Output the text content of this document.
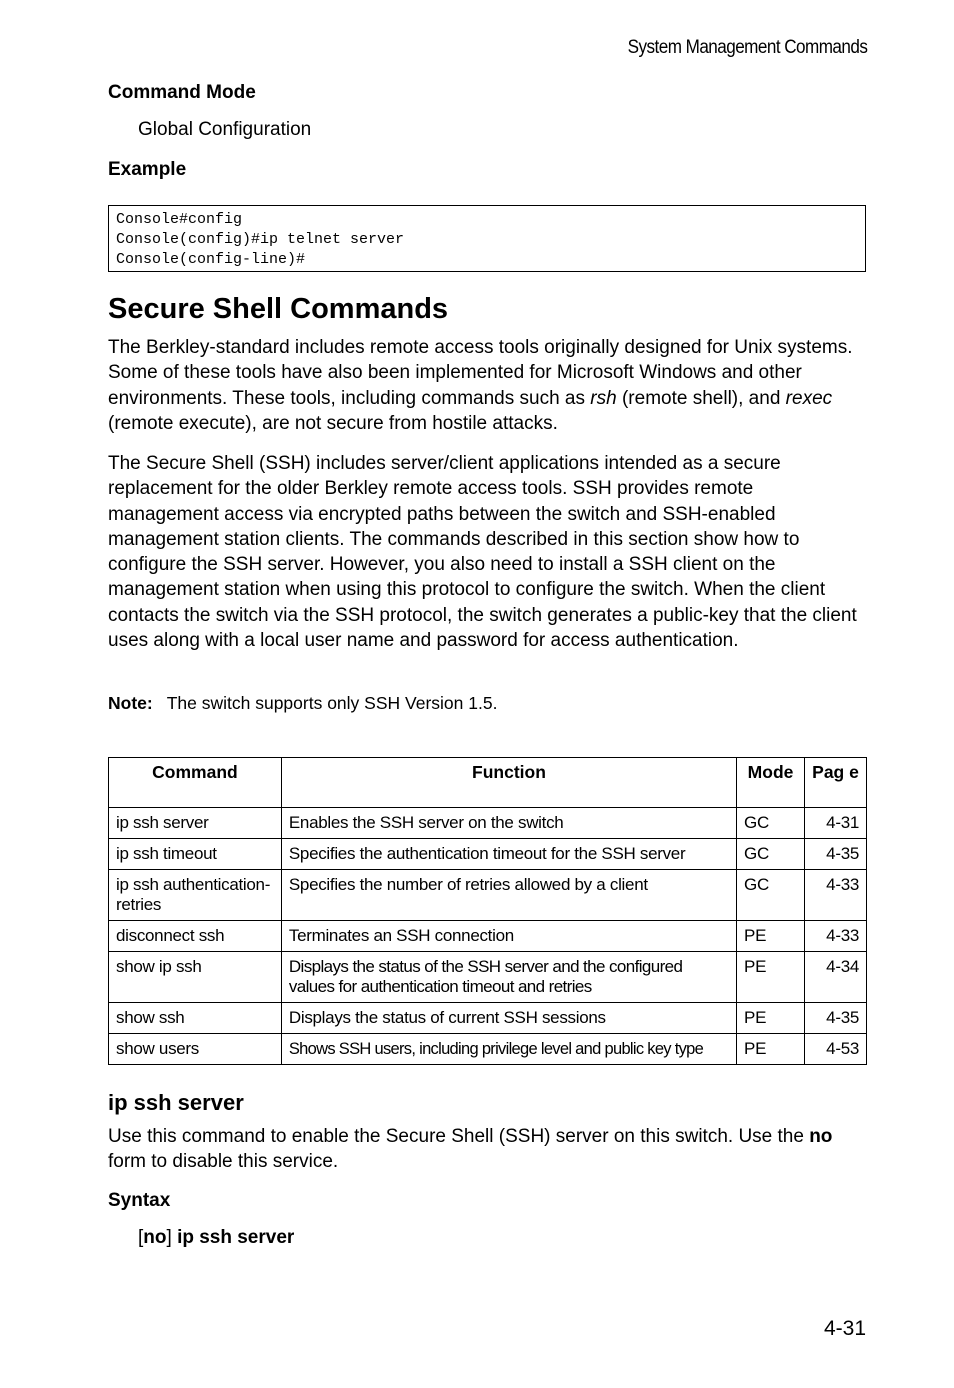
System Management Commands
Command Mode
Global Configuration
Example
Console#config
Console(config)#ip telnet server
Console(config-line)#
Secure Shell Commands
The Berkley-standard includes remote access tools originally designed for Unix systems. Some of these tools have also been implemented for Microsoft Windows and other environments. These tools, including commands such as rsh (remote shell), and rexec (remote execute), are not secure from hostile attacks.
The Secure Shell (SSH) includes server/client applications intended as a secure replacement for the older Berkley remote access tools. SSH provides remote management access via encrypted paths between the switch and SSH-enabled management station clients. The commands described in this section show how to configure the SSH server. However, you also need to install a SSH client on the management station when using this protocol to configure the switch. When the client contacts the switch via the SSH protocol, the switch generates a public-key that the client uses along with a local user name and password for access authentication.
Note: The switch supports only SSH Version 1.5.
Command	Function	Mode	Pag e
ip ssh server	Enables the SSH server on the switch	GC	4-31
ip ssh timeout	Specifies the authentication timeout for the SSH server	GC	4-35
ip ssh authentication-retries	Specifies the number of retries allowed by a client	GC	4-33
disconnect ssh	Terminates an SSH connection	PE	4-33
show ip ssh	Displays the status of the SSH server and the configured values for authentication timeout and retries	PE	4-34
show ssh	Displays the status of current SSH sessions	PE	4-35
show users	Shows SSH users, including privilege level and public key type	PE	4-53
ip ssh server
Use this command to enable the Secure Shell (SSH) server on this switch. Use the no form to disable this service.
Syntax
[no] ip ssh server
4-31
